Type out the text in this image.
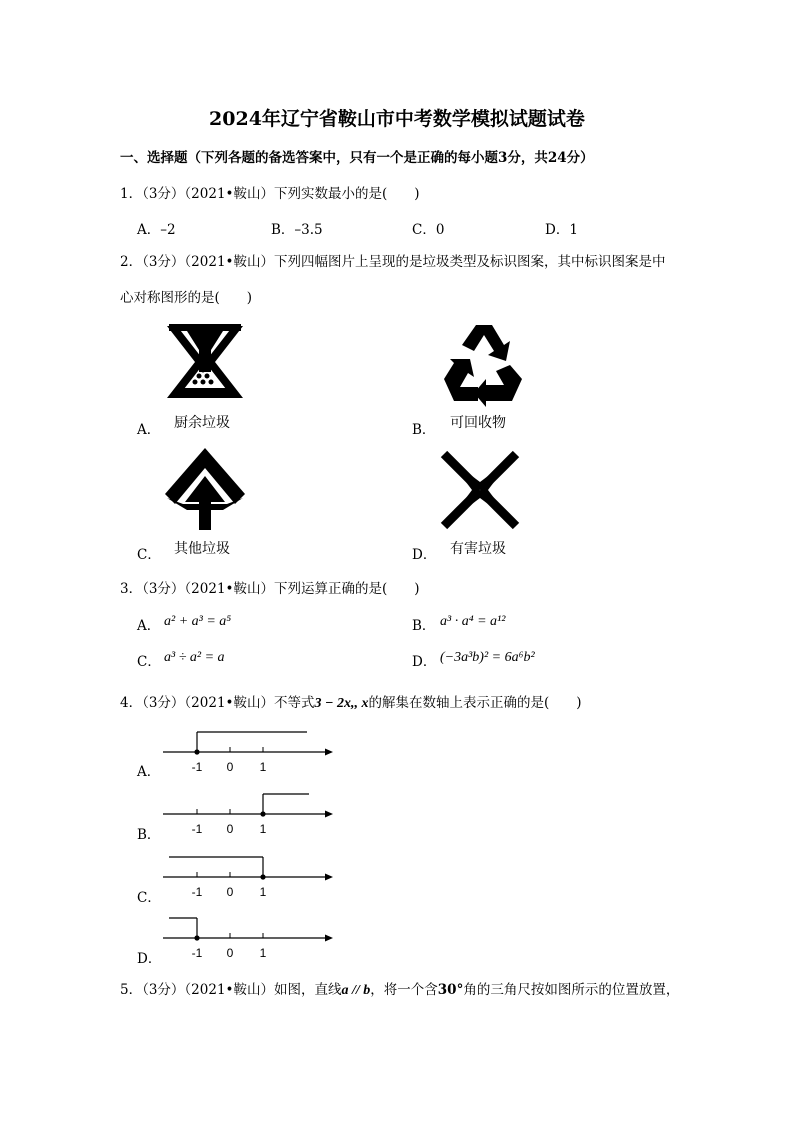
2024年辽宁省鞍山市中考数学模拟试题试卷
一、选择题（下列各题的备选答案中，只有一个是正确的每小题3分，共24分）
1．（3分）（2021•鞍山）下列实数最小的是(　　)
A．–2	B．–3.5	C．0	D．1
2．（3分）（2021•鞍山）下列四幅图片上呈现的是垃圾类型及标识图案，其中标识图案是中
心对称图形的是(　　)
A． 厨余垃圾	B． 可回收物
C． 其他垃圾	D． 有害垃圾
3．（3分）（2021•鞍山）下列运算正确的是(　　)
A． a² + a³ = a⁵	B． a³ · a⁴ = a¹²
C． a³ ÷ a² = a	D． (−3a³b)² = 6a⁶b²
4．（3分）（2021•鞍山）不等式3 − 2x,, x的解集在数轴上表示正确的是(　　)
A．	-1 0 1
B．	-1 0 1
C．	-1 0 1
D．	-1 0 1
5．（3分）（2021•鞍山）如图，直线a // b，将一个含30°角的三角尺按如图所示的位置放置，
